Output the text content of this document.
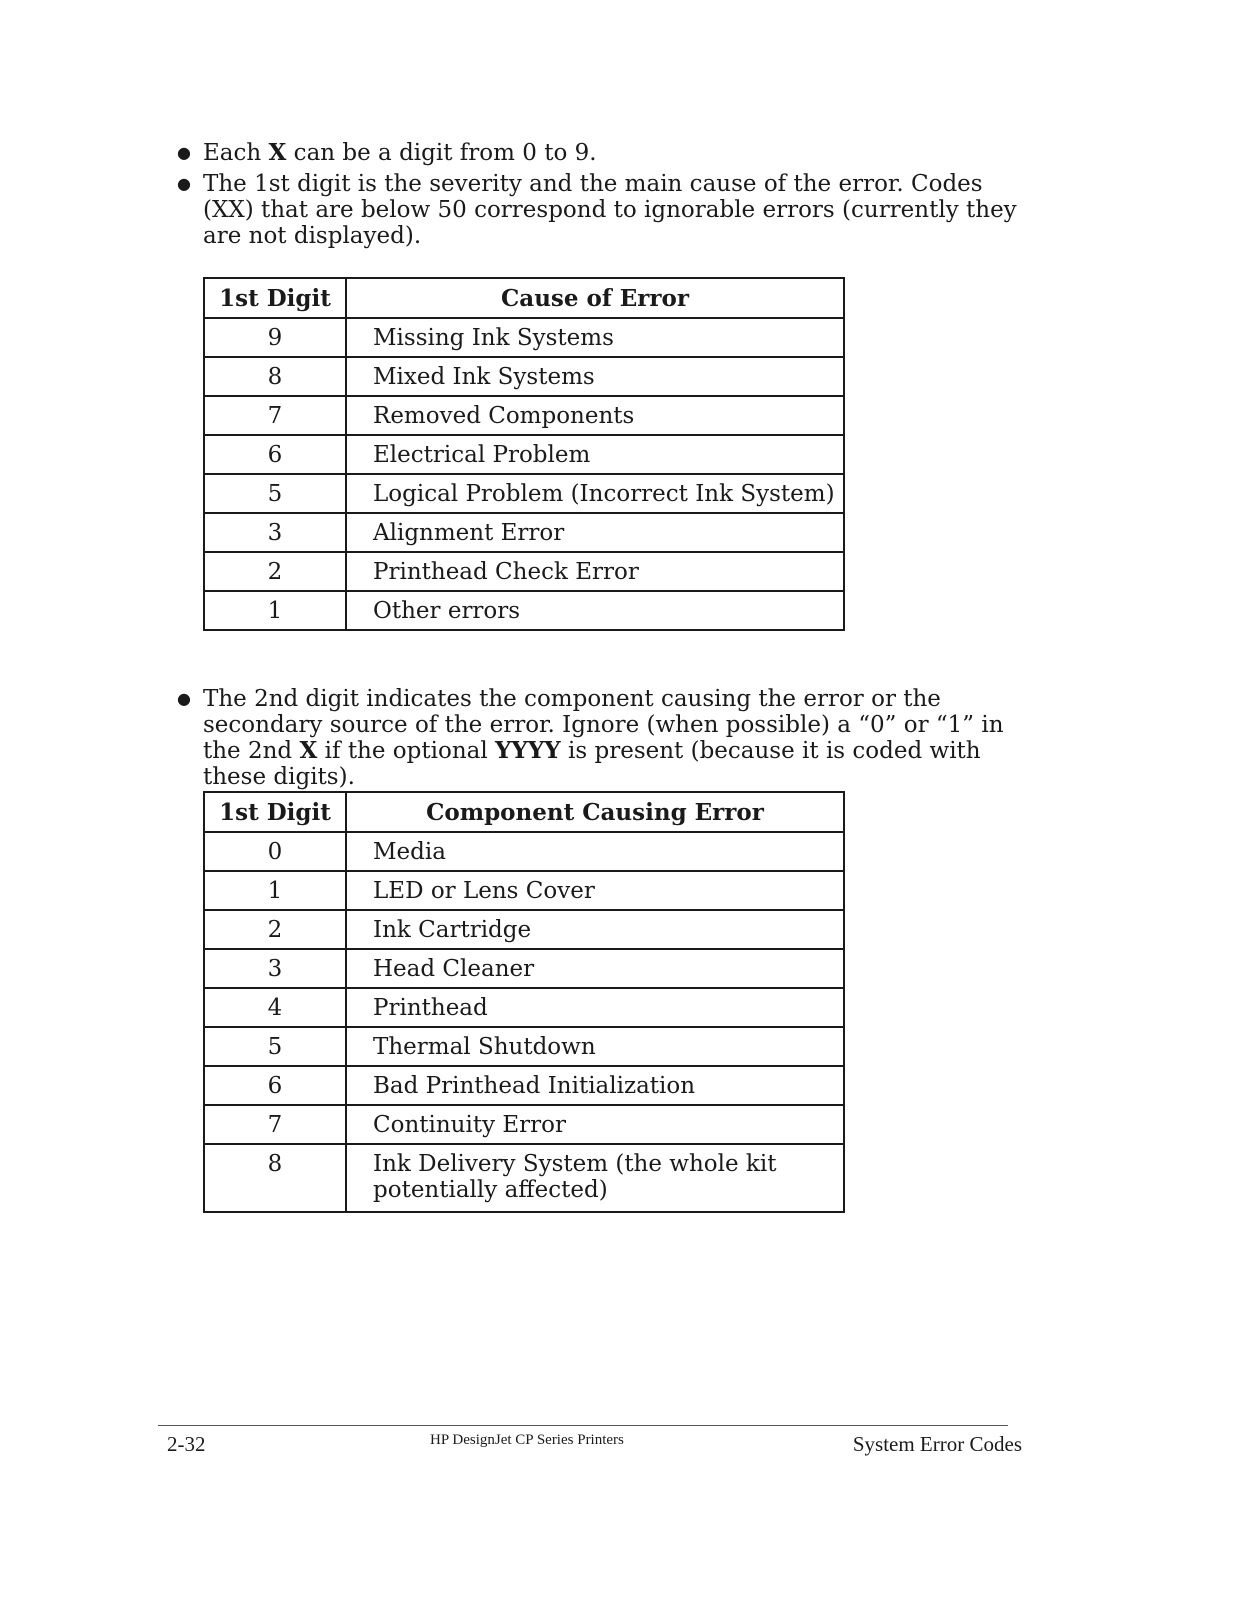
● Each X can be a digit from 0 to 9.
● The 1st digit is the severity and the main cause of the error. Codes (XX) that are below 50 correspond to ignorable errors (currently they are not displayed).
1st Digit	Cause of Error
9	Missing Ink Systems
8	Mixed Ink Systems
7	Removed Components
6	Electrical Problem
5	Logical Problem (Incorrect Ink System)
3	Alignment Error
2	Printhead Check Error
1	Other errors
● The 2nd digit indicates the component causing the error or the secondary source of the error. Ignore (when possible) a “0” or “1” in the 2nd X if the optional YYYY is present (because it is coded with these digits).
1st Digit	Component Causing Error
0	Media
1	LED or Lens Cover
2	Ink Cartridge
3	Head Cleaner
4	Printhead
5	Thermal Shutdown
6	Bad Printhead Initialization
7	Continuity Error
8	Ink Delivery System (the whole kit potentially affected)
2-32	HP DesignJet CP Series Printers	System Error Codes
